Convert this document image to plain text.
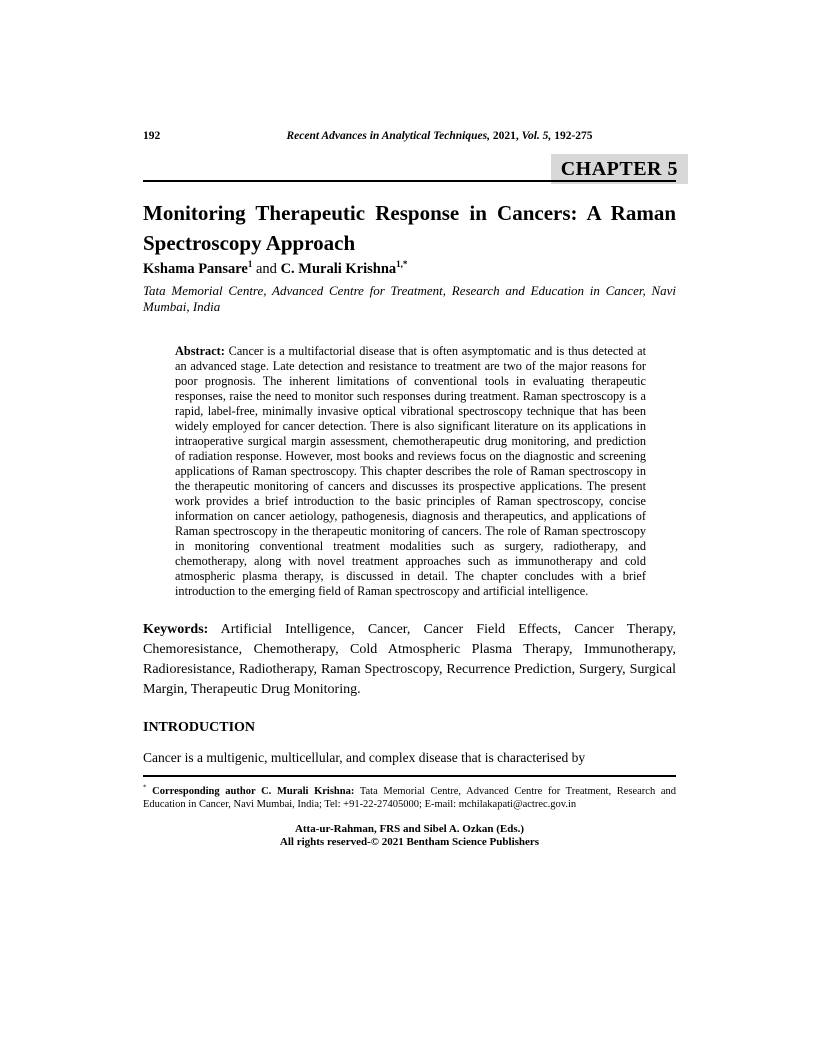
192	Recent Advances in Analytical Techniques, 2021, Vol. 5, 192-275
CHAPTER 5
Monitoring Therapeutic Response in Cancers: A Raman Spectroscopy Approach
Kshama Pansare$^1$ and C. Murali Krishna$^{1,*}$

Tata Memorial Centre, Advanced Centre for Treatment, Research and Education in Cancer, Navi Mumbai, India

Abstract: Cancer is a multifactorial disease that is often asymptomatic and is thus detected at an advanced stage. Late detection and resistance to treatment are two of the major reasons for poor prognosis. The inherent limitations of conventional tools in evaluating therapeutic responses, raise the need to monitor such responses during treatment. Raman spectroscopy is a rapid, label-free, minimally invasive optical vibrational spectroscopy technique that has been widely employed for cancer detection. There is also significant literature on its applications in intraoperative surgical margin assessment, chemotherapeutic drug monitoring, and prediction of radiation response. However, most books and reviews focus on the diagnostic and screening applications of Raman spectroscopy. This chapter describes the role of Raman spectroscopy in the therapeutic monitoring of cancers and discusses its prospective applications. The present work provides a brief introduction to the basic principles of Raman spectroscopy, concise information on cancer aetiology, pathogenesis, diagnosis and therapeutics, and applications of Raman spectroscopy in the therapeutic monitoring of cancers. The role of Raman spectroscopy in monitoring conventional treatment modalities such as surgery, radiotherapy, and chemotherapy, along with novel treatment approaches such as immunotherapy and cold atmospheric plasma therapy, is discussed in detail. The chapter concludes with a brief introduction to the emerging field of Raman spectroscopy and artificial intelligence.

Keywords: Artificial Intelligence, Cancer, Cancer Field Effects, Cancer Therapy, Chemoresistance, Chemotherapy, Cold Atmospheric Plasma Therapy, Immunotherapy, Radioresistance, Radiotherapy, Raman Spectroscopy, Recurrence Prediction, Surgery, Surgical Margin, Therapeutic Drug Monitoring.

INTRODUCTION

Cancer is a multigenic, multicellular, and complex disease that is characterised by

* Corresponding author C. Murali Krishna: Tata Memorial Centre, Advanced Centre for Treatment, Research and Education in Cancer, Navi Mumbai, India; Tel: +91-22-27405000; E-mail: mchilakapati@actrec.gov.in

Atta-ur-Rahman, FRS and Sibel A. Ozkan (Eds.)
All rights reserved-© 2021 Bentham Science Publishers
